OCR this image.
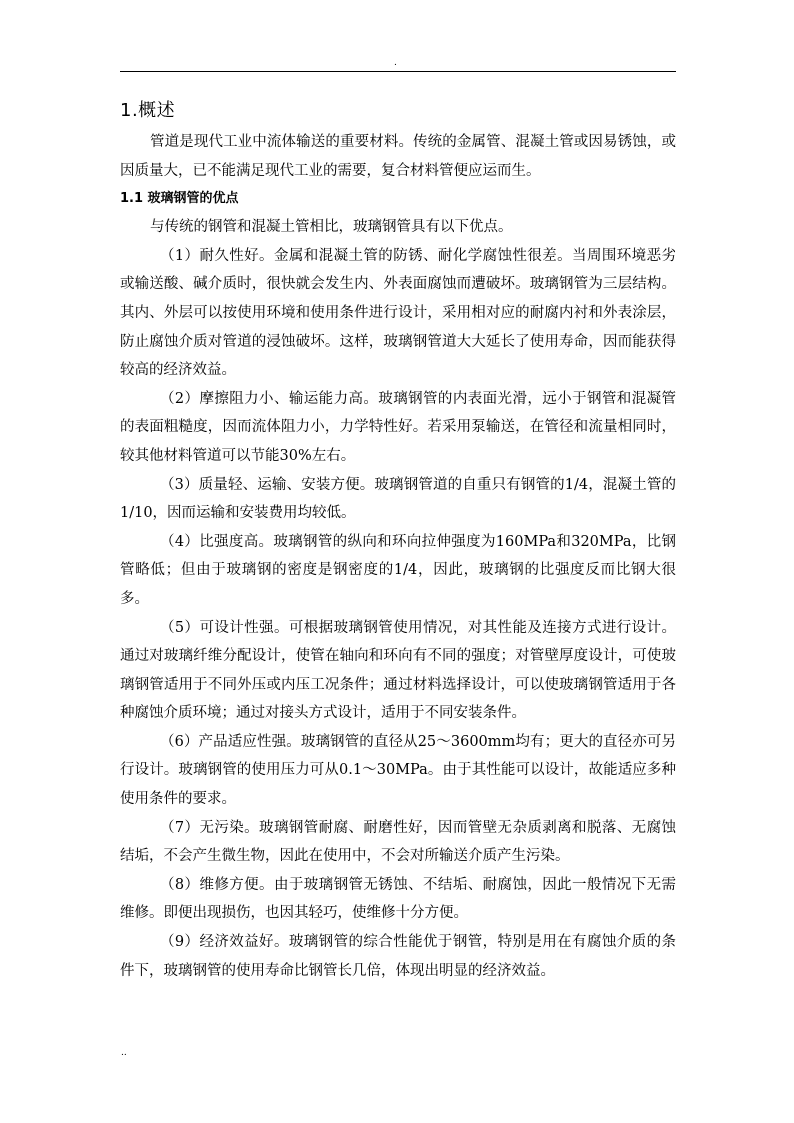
.
1.概述

管道是现代工业中流体输送的重要材料。传统的金属管、混凝土管或因易锈蚀，或因质量大，已不能满足现代工业的需要，复合材料管便应运而生。

1.1 玻璃钢管的优点

与传统的钢管和混凝土管相比，玻璃钢管具有以下优点。

（1）耐久性好。金属和混凝土管的防锈、耐化学腐蚀性很差。当周围环境恶劣或输送酸、碱介质时，很快就会发生内、外表面腐蚀而遭破坏。玻璃钢管为三层结构。其内、外层可以按使用环境和使用条件进行设计，采用相对应的耐腐内衬和外表涂层，防止腐蚀介质对管道的浸蚀破坏。这样，玻璃钢管道大大延长了使用寿命，因而能获得较高的经济效益。

（2）摩擦阻力小、输运能力高。玻璃钢管的内表面光滑，远小于钢管和混凝管的表面粗糙度，因而流体阻力小，力学特性好。若采用泵输送，在管径和流量相同时，较其他材料管道可以节能30%左右。

（3）质量轻、运输、安装方便。玻璃钢管道的自重只有钢管的1/4，混凝土管的1/10，因而运输和安装费用均较低。

（4）比强度高。玻璃钢管的纵向和环向拉伸强度为160MPa和320MPa，比钢管略低；但由于玻璃钢的密度是钢密度的1/4，因此，玻璃钢的比强度反而比钢大很多。

（5）可设计性强。可根据玻璃钢管使用情况，对其性能及连接方式进行设计。通过对玻璃纤维分配设计，使管在轴向和环向有不同的强度；对管壁厚度设计，可使玻璃钢管适用于不同外压或内压工况条件；通过材料选择设计，可以使玻璃钢管适用于各种腐蚀介质环境；通过对接头方式设计，适用于不同安装条件。

（6）产品适应性强。玻璃钢管的直径从25～3600mm均有；更大的直径亦可另行设计。玻璃钢管的使用压力可从0.1～30MPa。由于其性能可以设计，故能适应多种使用条件的要求。

（7）无污染。玻璃钢管耐腐、耐磨性好，因而管壁无杂质剥离和脱落、无腐蚀结垢，不会产生微生物，因此在使用中，不会对所输送介质产生污染。

（8）维修方便。由于玻璃钢管无锈蚀、不结垢、耐腐蚀，因此一般情况下无需维修。即便出现损伤，也因其轻巧，使维修十分方便。

（9）经济效益好。玻璃钢管的综合性能优于钢管，特别是用在有腐蚀介质的条件下，玻璃钢管的使用寿命比钢管长几倍，体现出明显的经济效益。

..
